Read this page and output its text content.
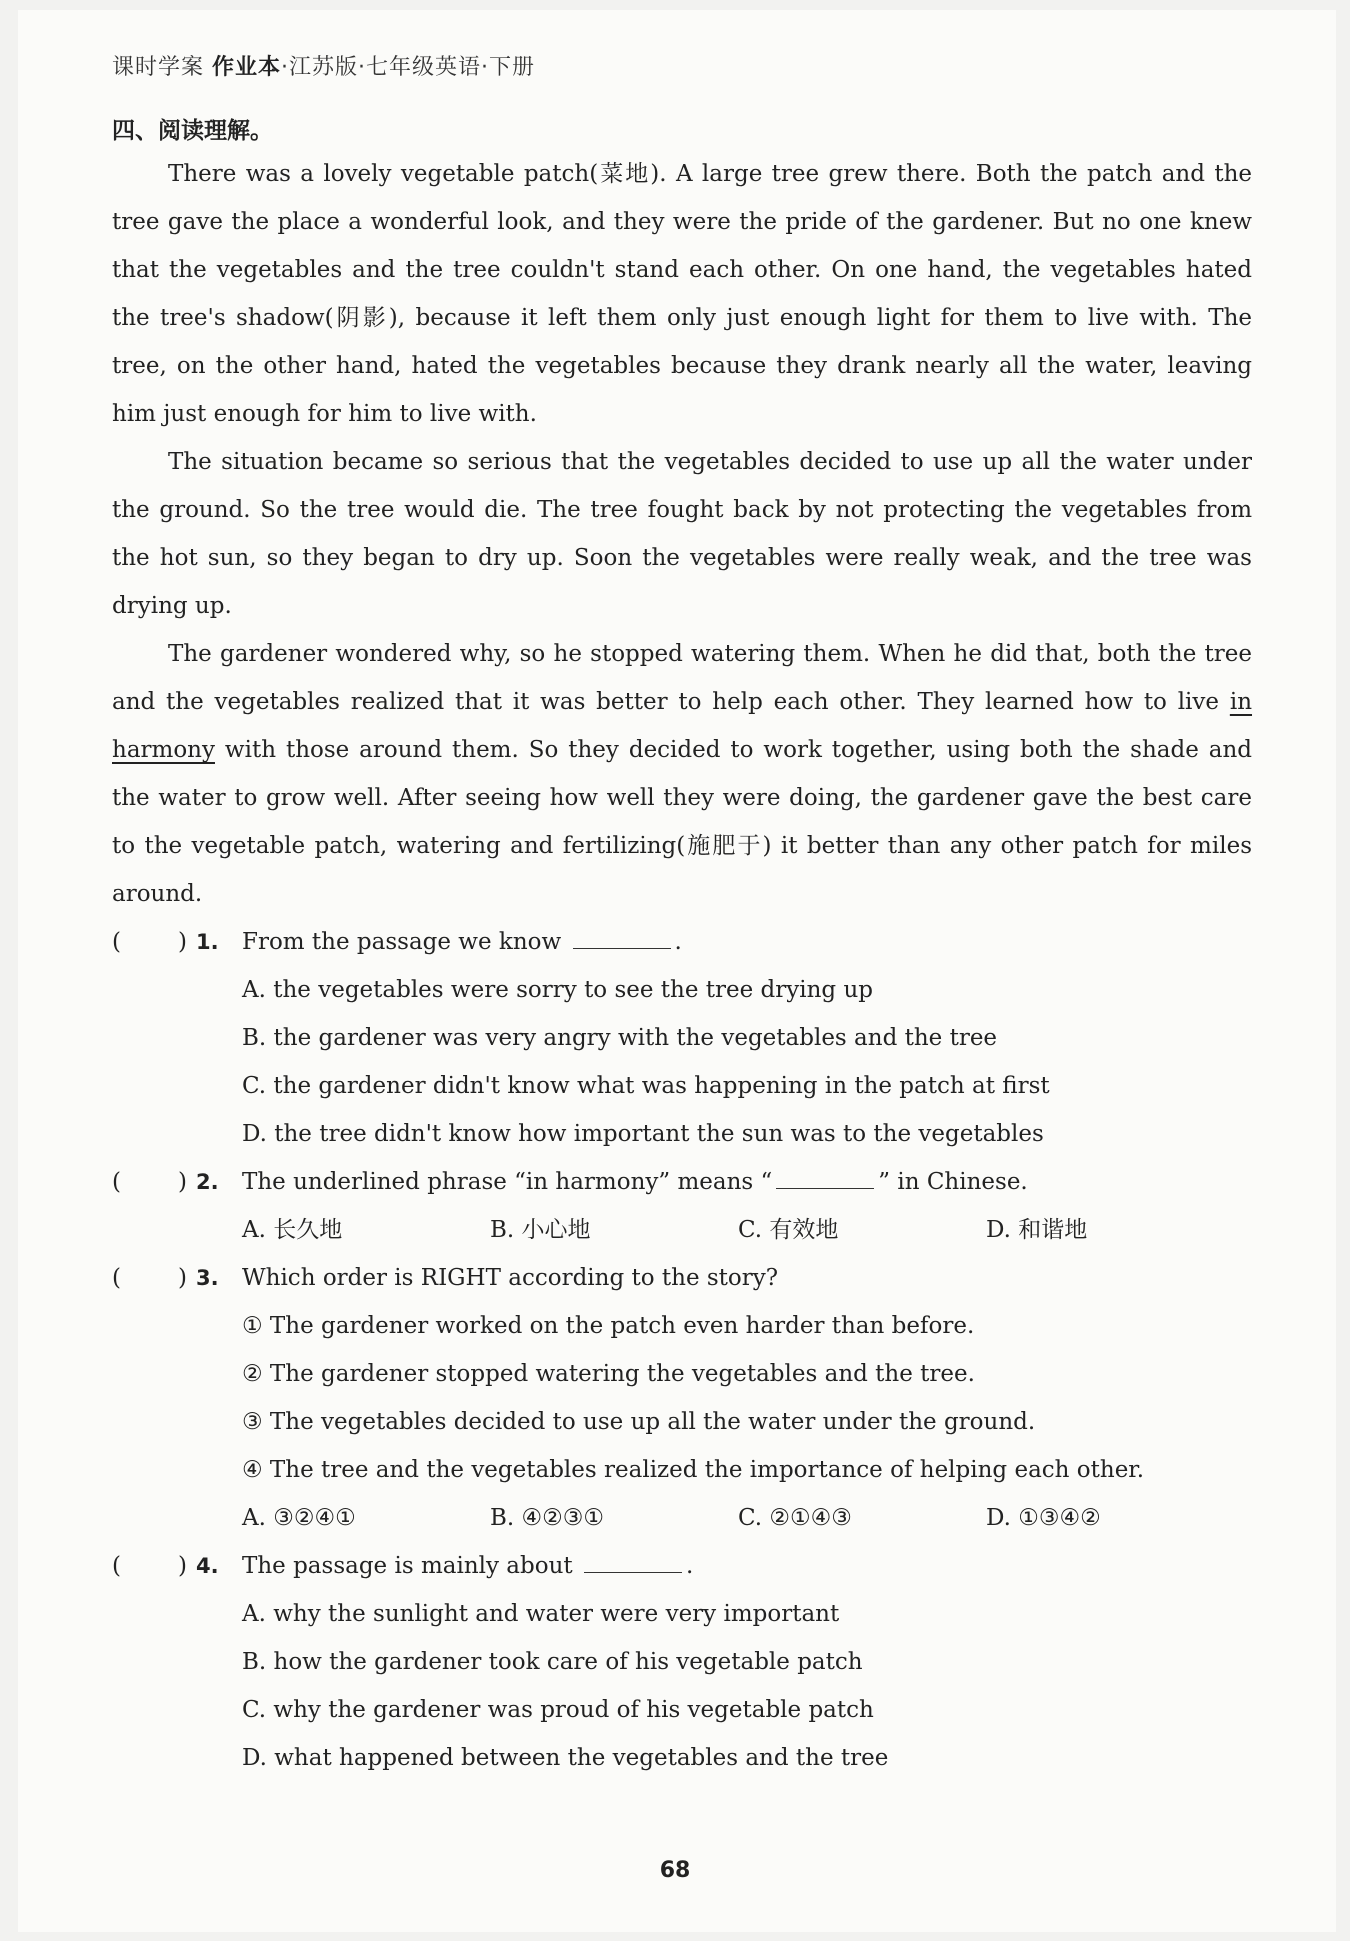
课时学案 作业本·江苏版·七年级英语·下册
四、阅读理解。

There was a lovely vegetable patch(菜地). A large tree grew there. Both the patch and the tree gave the place a wonderful look, and they were the pride of the gardener. But no one knew that the vegetables and the tree couldn't stand each other. On one hand, the vegetables hated the tree's shadow(阴影), because it left them only just enough light for them to live with. The tree, on the other hand, hated the vegetables because they drank nearly all the water, leaving him just enough for him to live with.

The situation became so serious that the vegetables decided to use up all the water under the ground. So the tree would die. The tree fought back by not protecting the vegetables from the hot sun, so they began to dry up. Soon the vegetables were really weak, and the tree was drying up.

The gardener wondered why, so he stopped watering them. When he did that, both the tree and the vegetables realized that it was better to help each other. They learned how to live in harmony with those around them. So they decided to work together, using both the shade and the water to grow well. After seeing how well they were doing, the gardener gave the best care to the vegetable patch, watering and fertilizing(施肥于) it better than any other patch for miles around.

( ) 1. From the passage we know	.
A. the vegetables were sorry to see the tree drying up
B. the gardener was very angry with the vegetables and the tree
C. the gardener didn't know what was happening in the patch at first
D. the tree didn't know how important the sun was to the vegetables
( ) 2. The underlined phrase “in harmony” means “	” in Chinese.
A. 长久地	B. 小心地	C. 有效地	D. 和谐地
( ) 3. Which order is RIGHT according to the story?
① The gardener worked on the patch even harder than before.
② The gardener stopped watering the vegetables and the tree.
③ The vegetables decided to use up all the water under the ground.
④ The tree and the vegetables realized the importance of helping each other.
A. ③②④①	B. ④②③①	C. ②①④③	D. ①③④②
( ) 4. The passage is mainly about	.
A. why the sunlight and water were very important
B. how the gardener took care of his vegetable patch
C. why the gardener was proud of his vegetable patch
D. what happened between the vegetables and the tree
68
